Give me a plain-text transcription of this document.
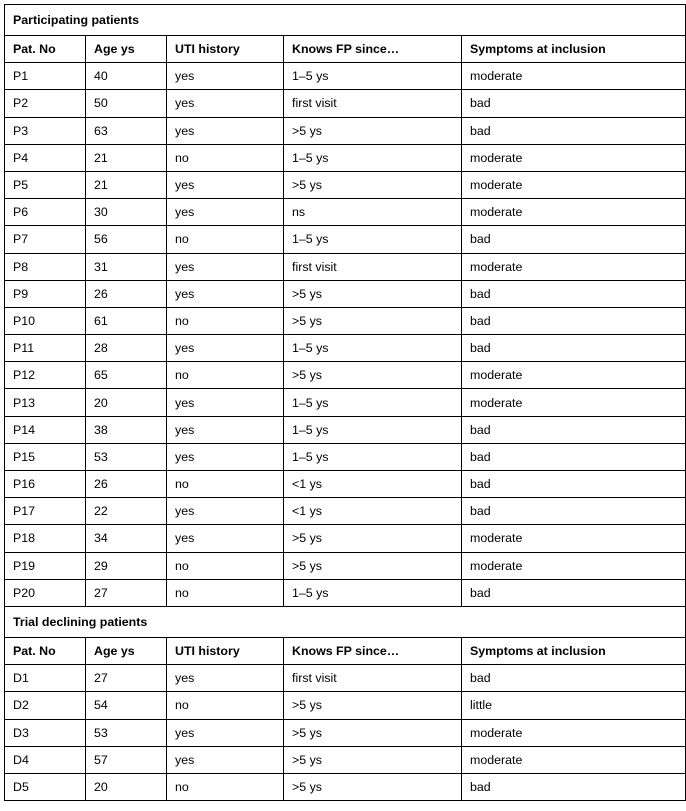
Participating patients				
Pat. No	Age ys	UTI history	Knows FP since…	Symptoms at inclusion
P1	40	yes	1–5 ys	moderate
P2	50	yes	first visit	bad
P3	63	yes	>5 ys	bad
P4	21	no	1–5 ys	moderate
P5	21	yes	>5 ys	moderate
P6	30	yes	ns	moderate
P7	56	no	1–5 ys	bad
P8	31	yes	first visit	moderate
P9	26	yes	>5 ys	bad
P10	61	no	>5 ys	bad
P11	28	yes	1–5 ys	bad
P12	65	no	>5 ys	moderate
P13	20	yes	1–5 ys	moderate
P14	38	yes	1–5 ys	bad
P15	53	yes	1–5 ys	bad
P16	26	no	<1 ys	bad
P17	22	yes	<1 ys	bad
P18	34	yes	>5 ys	moderate
P19	29	no	>5 ys	moderate
P20	27	no	1–5 ys	bad
Trial declining patients				
Pat. No	Age ys	UTI history	Knows FP since…	Symptoms at inclusion
D1	27	yes	first visit	bad
D2	54	no	>5 ys	little
D3	53	yes	>5 ys	moderate
D4	57	yes	>5 ys	moderate
D5	20	no	>5 ys	bad
